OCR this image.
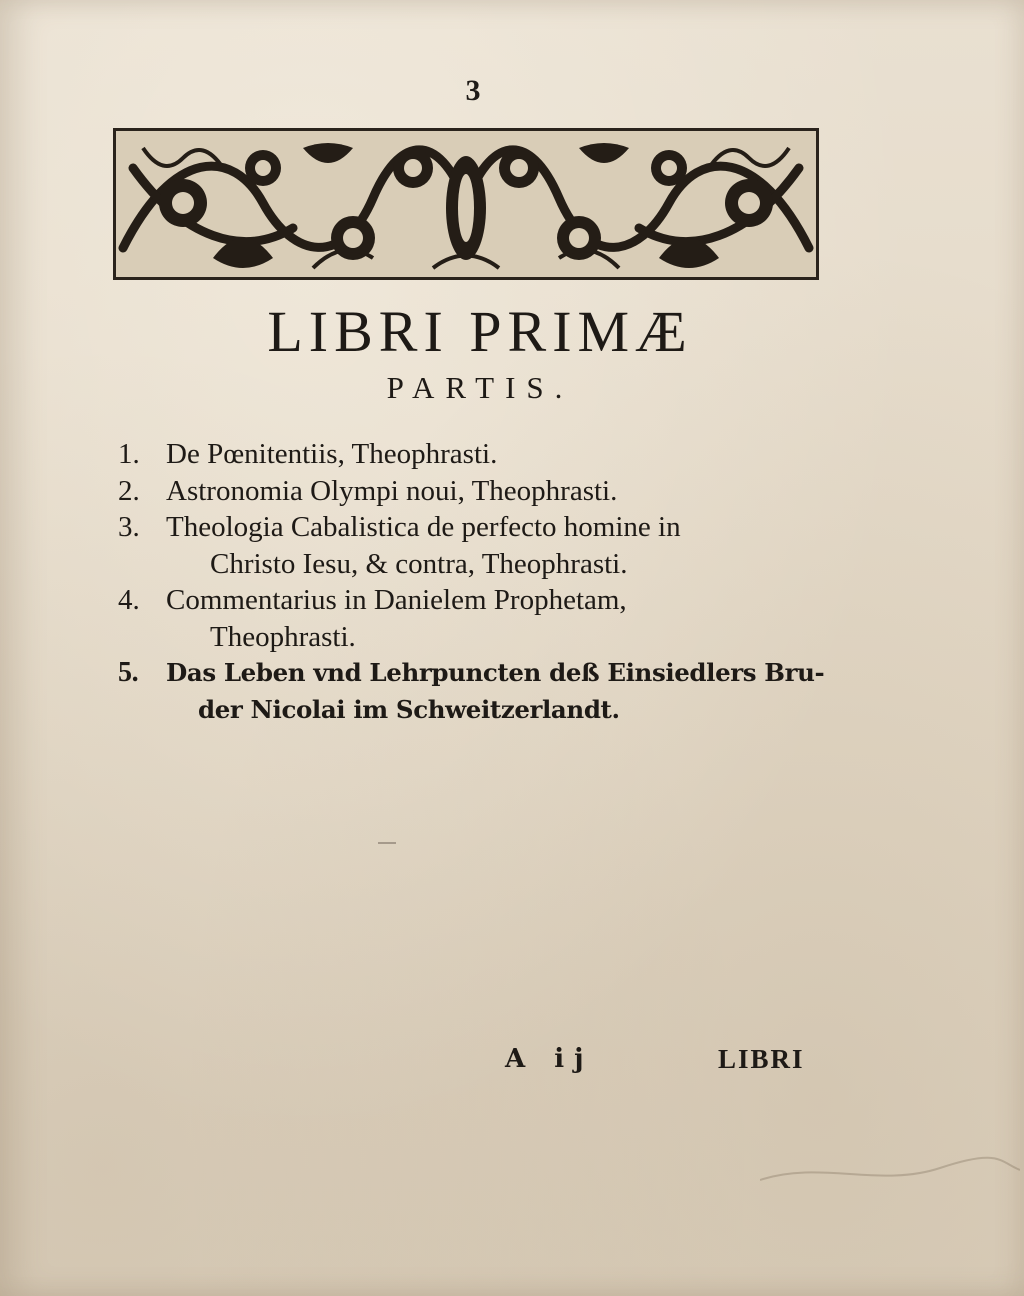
3
LIBRI PRIMÆ
PARTIS.
1. De Pœnitentiis, Theophrasti.
2. Astronomia Olympi noui, Theophrasti.
3. Theologia Cabalistica de perfecto homine in
Christo Iesu, & contra, Theophrasti.
4. Commentarius in Danielem Prophetam,
Theophrasti.
5.	Das Leben vnd Lehrpuncten deß Einsiedlers Bru-
der Nicolai im Schweitzerlandt.
A ij	LIBRI
